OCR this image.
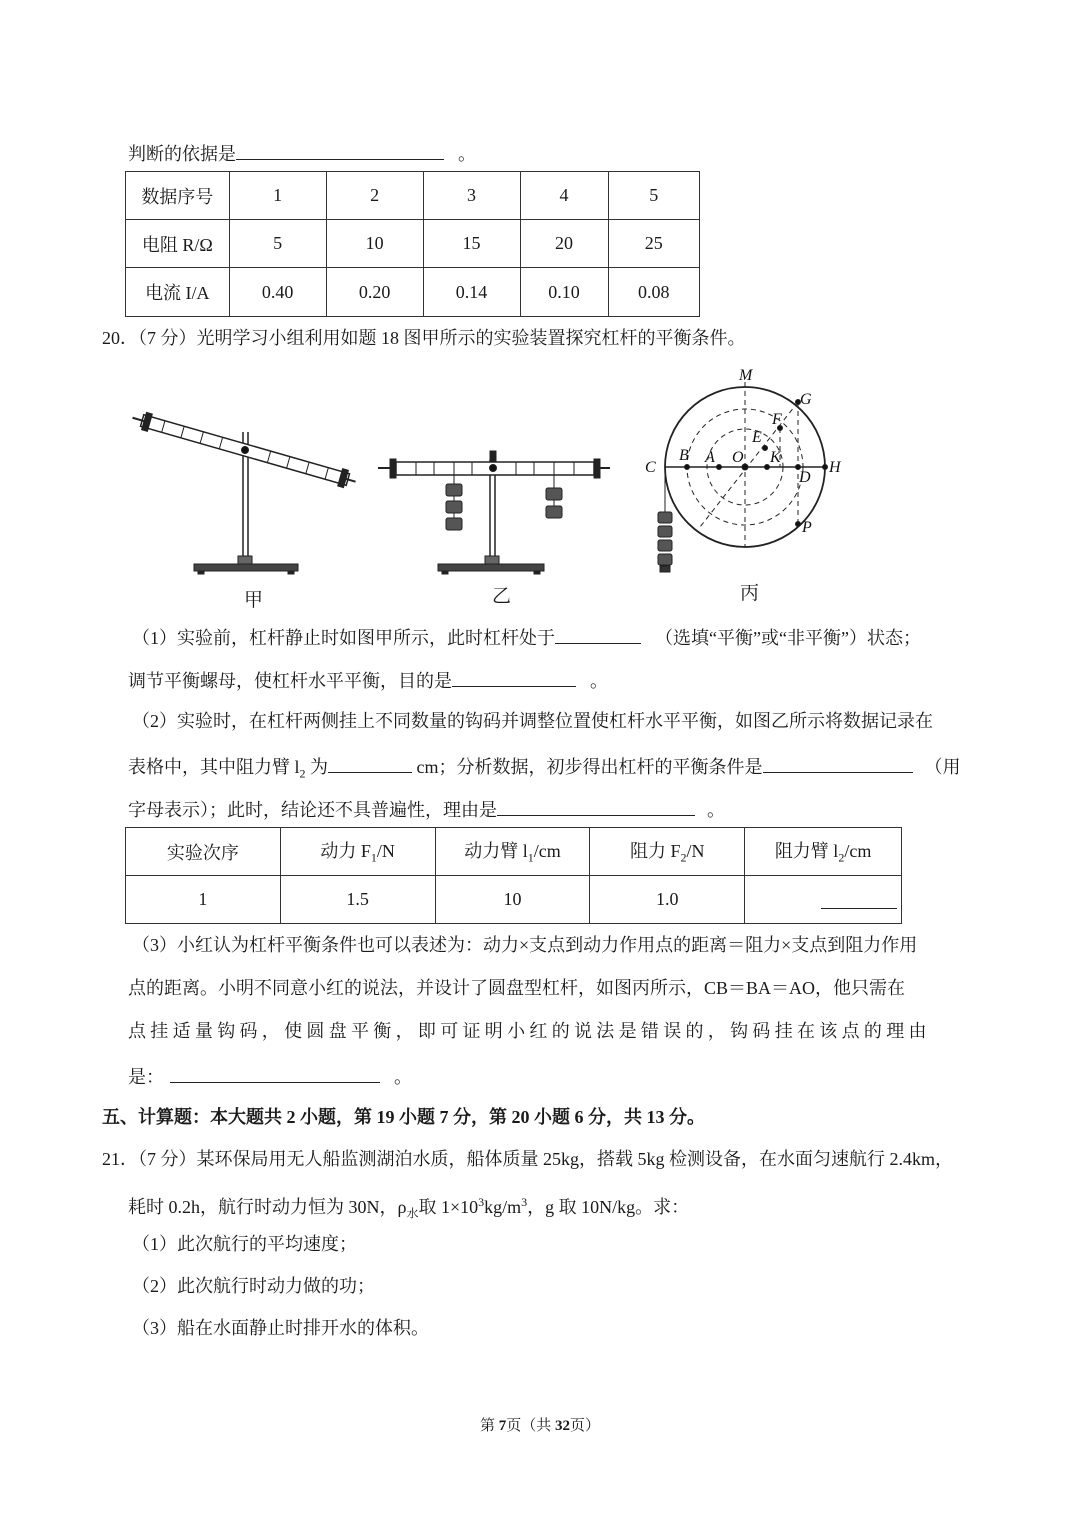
判断的依据是	。
数据序号	1	2	3	4	5
电阻 R/Ω	5	10	15	20	25
电流 I/A	0.40	0.20	0.14	0.10	0.08
20．（7 分）光明学习小组利用如题 18 图甲所示的实验装置探究杠杆的平衡条件。
M
G
F
E
B A O K
C	H
D
P
甲	乙	丙
（1）实验前，杠杆静止时如图甲所示，此时杠杆处于	（选填“平衡”或“非平衡”）状态；
调节平衡螺母，使杠杆水平平衡，目的是	。
（2）实验时，在杠杆两侧挂上不同数量的钩码并调整位置使杠杆水平平衡，如图乙所示将数据记录在
表格中，其中阻力臂 $l_2$ 为	cm；分析数据，初步得出杠杆的平衡条件是	（用
字母表示）；此时，结论还不具普遍性，理由是	。
实验次序	动力 $F_1/N$	动力臂 $l_1/cm$	阻力 $F_2/N$	阻力臂 $l_2/cm$
1	1.5	10	1.0	
（3）小红认为杠杆平衡条件也可以表述为：动力×支点到动力作用点的距离＝阻力×支点到阻力作用
点的距离。小明不同意小红的说法，并设计了圆盘型杠杆，如图丙所示，CB＝BA＝AO，他只需在
点挂适量钩码，使圆盘平衡，即可证明小红的说法是错误的，钩码挂在该点的理由
是：	。
五、计算题：本大题共 2 小题，第 19 小题 7 分，第 20 小题 6 分，共 13 分。
21．（7 分）某环保局用无人船监测湖泊水质，船体质量 25kg，搭载 5kg 检测设备，在水面匀速航行 2.4km，
耗时 0.2h，航行时动力恒为 30N，$\rho_水$取 $1\times 10^3kg/m^3$，g 取 10N/kg。求：
（1）此次航行的平均速度；
（2）此次航行时动力做的功；
（3）船在水面静止时排开水的体积。
第 7页（共 32页）
